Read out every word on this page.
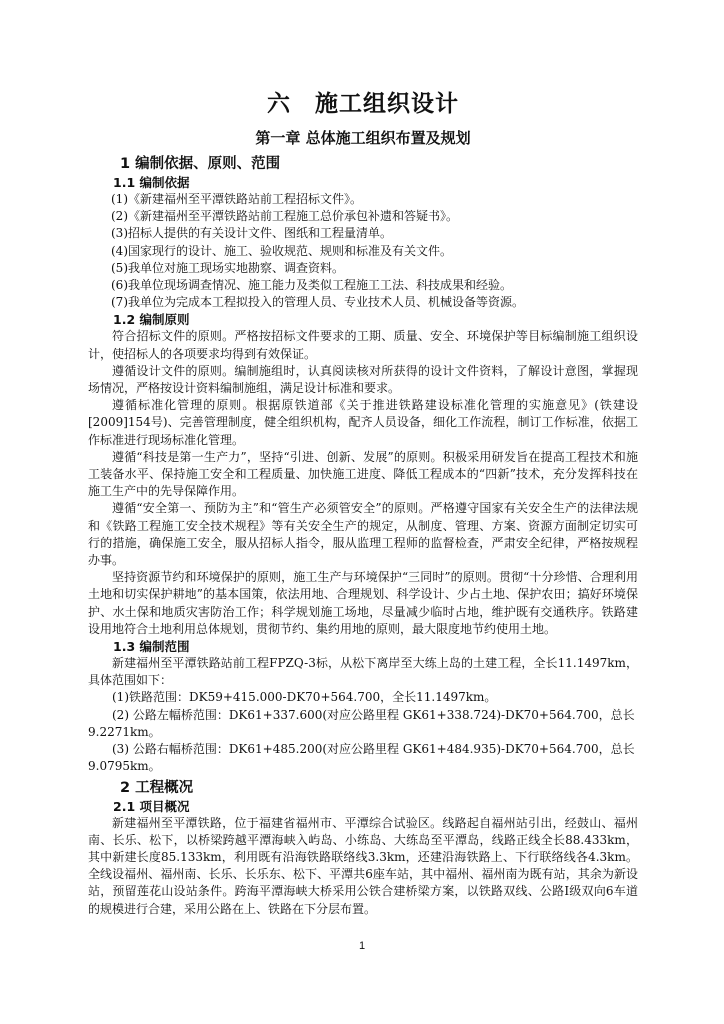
六　施工组织设计
第一章 总体施工组织布置及规划
1 编制依据、原则、范围
1.1 编制依据
(1)《新建福州至平潭铁路站前工程招标文件》。
(2)《新建福州至平潭铁路站前工程施工总价承包补遗和答疑书》。
(3)招标人提供的有关设计文件、图纸和工程量清单。
(4)国家现行的设计、施工、验收规范、规则和标准及有关文件。
(5)我单位对施工现场实地勘察、调查资料。
(6)我单位现场调查情况、施工能力及类似工程施工工法、科技成果和经验。
(7)我单位为完成本工程拟投入的管理人员、专业技术人员、机械设备等资源。
1.2 编制原则

符合招标文件的原则。严格按招标文件要求的工期、质量、安全、环境保护等目标编制施工组织设计，使招标人的各项要求均得到有效保证。

遵循设计文件的原则。编制施组时，认真阅读核对所获得的设计文件资料，了解设计意图，掌握现场情况，严格按设计资料编制施组，满足设计标准和要求。

遵循标准化管理的原则。根据原铁道部《关于推进铁路建设标准化管理的实施意见》(铁建设[2009]154号)、完善管理制度，健全组织机构，配齐人员设备，细化工作流程，制订工作标准，依据工作标准进行现场标准化管理。

遵循“科技是第一生产力”，坚持“引进、创新、发展”的原则。积极采用研发旨在提高工程技术和施工装备水平、保持施工安全和工程质量、加快施工进度、降低工程成本的“四新”技术，充分发挥科技在施工生产中的先导保障作用。

遵循“安全第一、预防为主”和“管生产必须管安全”的原则。严格遵守国家有关安全生产的法律法规和《铁路工程施工安全技术规程》等有关安全生产的规定，从制度、管理、方案、资源方面制定切实可行的措施，确保施工安全，服从招标人指令，服从监理工程师的监督检查，严肃安全纪律，严格按规程办事。

坚持资源节约和环境保护的原则，施工生产与环境保护“三同时”的原则。贯彻“十分珍惜、合理利用土地和切实保护耕地”的基本国策，依法用地、合理规划、科学设计、少占土地、保护农田；搞好环境保护、水土保和地质灾害防治工作；科学规划施工场地，尽量减少临时占地，维护既有交通秩序。铁路建设用地符合土地利用总体规划，贯彻节约、集约用地的原则，最大限度地节约使用土地。

1.3 编制范围

新建福州至平潭铁路站前工程FPZQ-3标，从松下离岸至大练上岛的土建工程，全长11.1497km，具体范围如下：

(1)铁路范围：DK59+415.000-DK70+564.700，全长11.1497km。

(2) 公路左幅桥范围：DK61+337.600(对应公路里程 GK61+338.724)-DK70+564.700，总长9.2271km。

(3) 公路右幅桥范围：DK61+485.200(对应公路里程 GK61+484.935)-DK70+564.700，总长9.0795km。

2 工程概况
2.1 项目概况

新建福州至平潭铁路，位于福建省福州市、平潭综合试验区。线路起自福州站引出，经鼓山、福州南、长乐、松下，以桥梁跨越平潭海峡入屿岛、小练岛、大练岛至平潭岛，线路正线全长88.433km，其中新建长度85.133km，利用既有沿海铁路联络线3.3km，还建沿海铁路上、下行联络线各4.3km。全线设福州、福州南、长乐、长乐东、松下、平潭共6座车站，其中福州、福州南为既有站，其余为新设站，预留莲花山设站条件。跨海平潭海峡大桥采用公铁合建桥梁方案，以铁路双线、公路Ⅰ级双向6车道的规模进行合建，采用公路在上、铁路在下分层布置。

1
